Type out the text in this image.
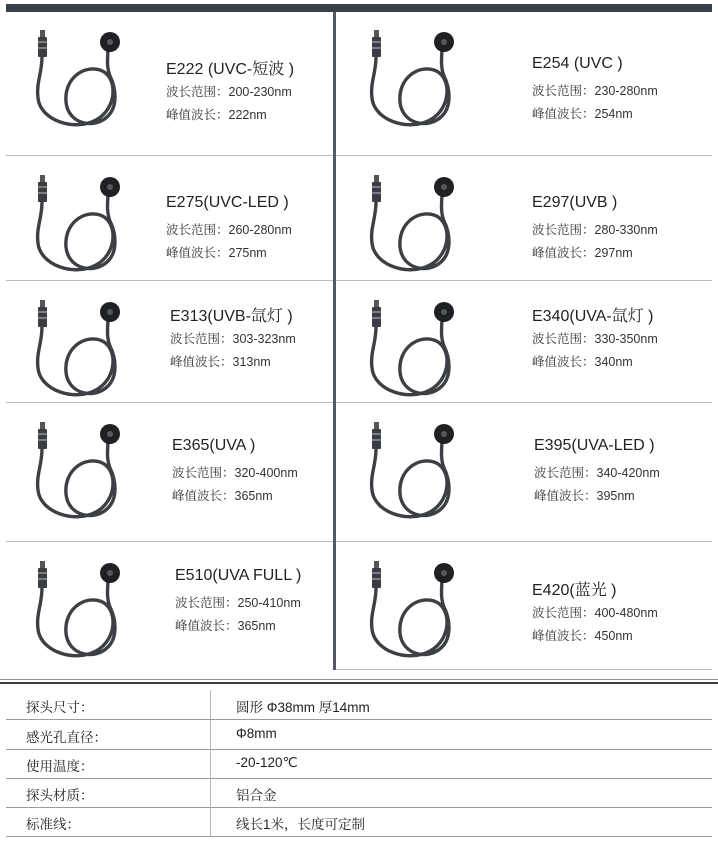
E222 (UVC-短波 )
波长范围：200-230nm
峰值波长：222nm
E254 (UVC )
波长范围：230-280nm
峰值波长：254nm
E275(UVC-LED )
波长范围：260-280nm
峰值波长：275nm
E297(UVB )
波长范围：280-330nm
峰值波长：297nm
E313(UVB-氙灯 )
波长范围：303-323nm
峰值波长：313nm
E340(UVA-氙灯 )
波长范围：330-350nm
峰值波长：340nm
E365(UVA )
波长范围：320-400nm
峰值波长：365nm
E395(UVA-LED )
波长范围：340-420nm
峰值波长：395nm
E510(UVA FULL )
波长范围：250-410nm
峰值波长：365nm
E420(蓝光 )
波长范围：400-480nm
峰值波长：450nm
探头尺寸：	圆形 Φ38mm 厚14mm
感光孔直径：	Φ8mm
使用温度：	-20-120℃
探头材质：	铝合金
标准线：	线长1米，长度可定制
